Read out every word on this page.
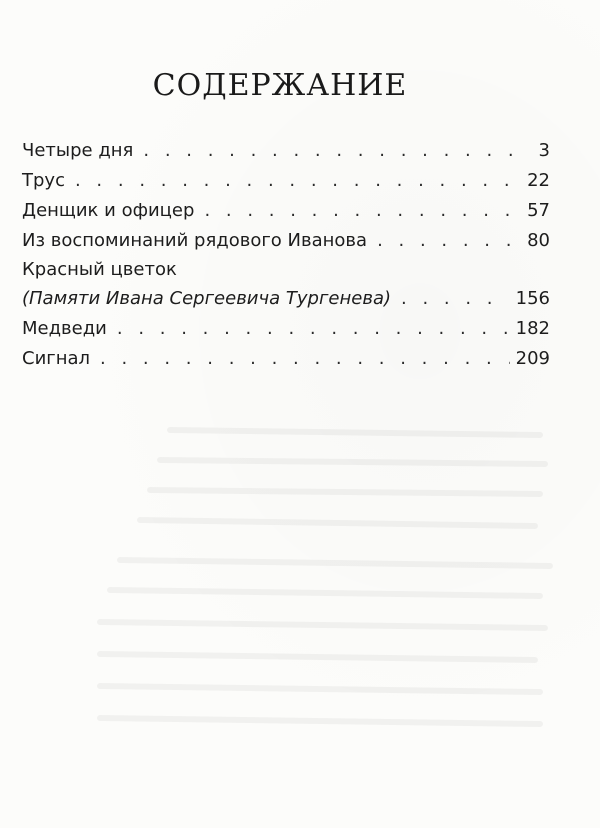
СОДЕРЖАНИЕ
Четыре дня . . .	3
Трус . . .	22
Денщик и офицер . . .	57
Из воспоминаний рядового Иванова . . .	80
Красный цветок
(Памяти Ивана Сергеевича Тургенева) . . .	156
Медведи . . .	182
Сигнал . . .	209
